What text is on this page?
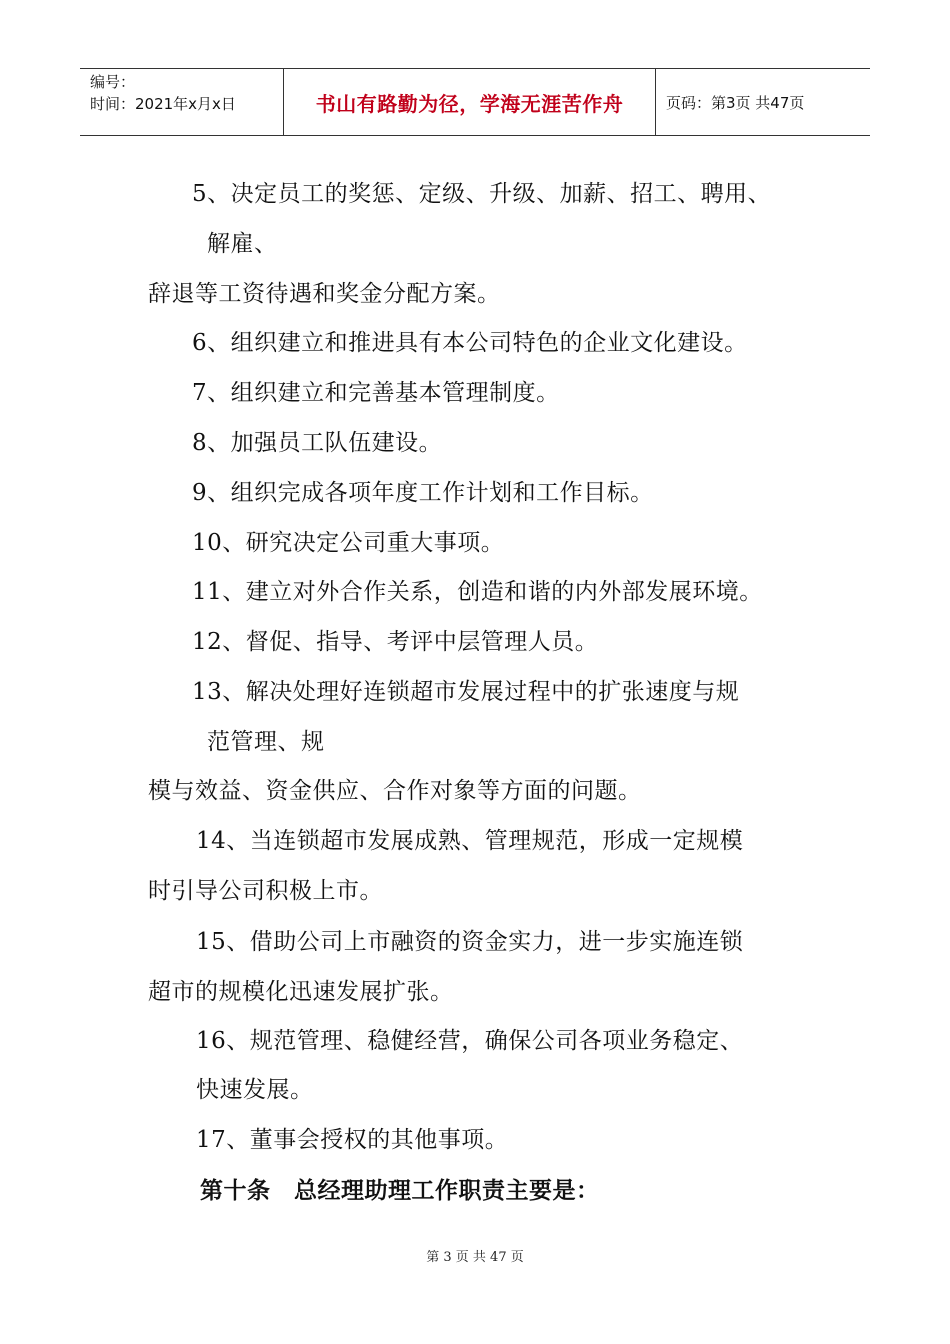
编号：
时间：2021年x月x日	书山有路勤为径，学海无涯苦作舟	页码：第3页 共47页
5、决定员工的奖惩、定级、升级、加薪、招工、聘用、
解雇、
辞退等工资待遇和奖金分配方案。
6、组织建立和推进具有本公司特色的企业文化建设。
7、组织建立和完善基本管理制度。
8、加强员工队伍建设。
9、组织完成各项年度工作计划和工作目标。
10、研究决定公司重大事项。
11、建立对外合作关系，创造和谐的内外部发展环境。
12、督促、指导、考评中层管理人员。
13、解决处理好连锁超市发展过程中的扩张速度与规
范管理、规
模与效益、资金供应、合作对象等方面的问题。
14、当连锁超市发展成熟、管理规范，形成一定规模
时引导公司积极上市。
15、借助公司上市融资的资金实力，进一步实施连锁
超市的规模化迅速发展扩张。
16、规范管理、稳健经营，确保公司各项业务稳定、
快速发展。
17、董事会授权的其他事项。
第十条　总经理助理工作职责主要是：
第 3 页 共 47 页
